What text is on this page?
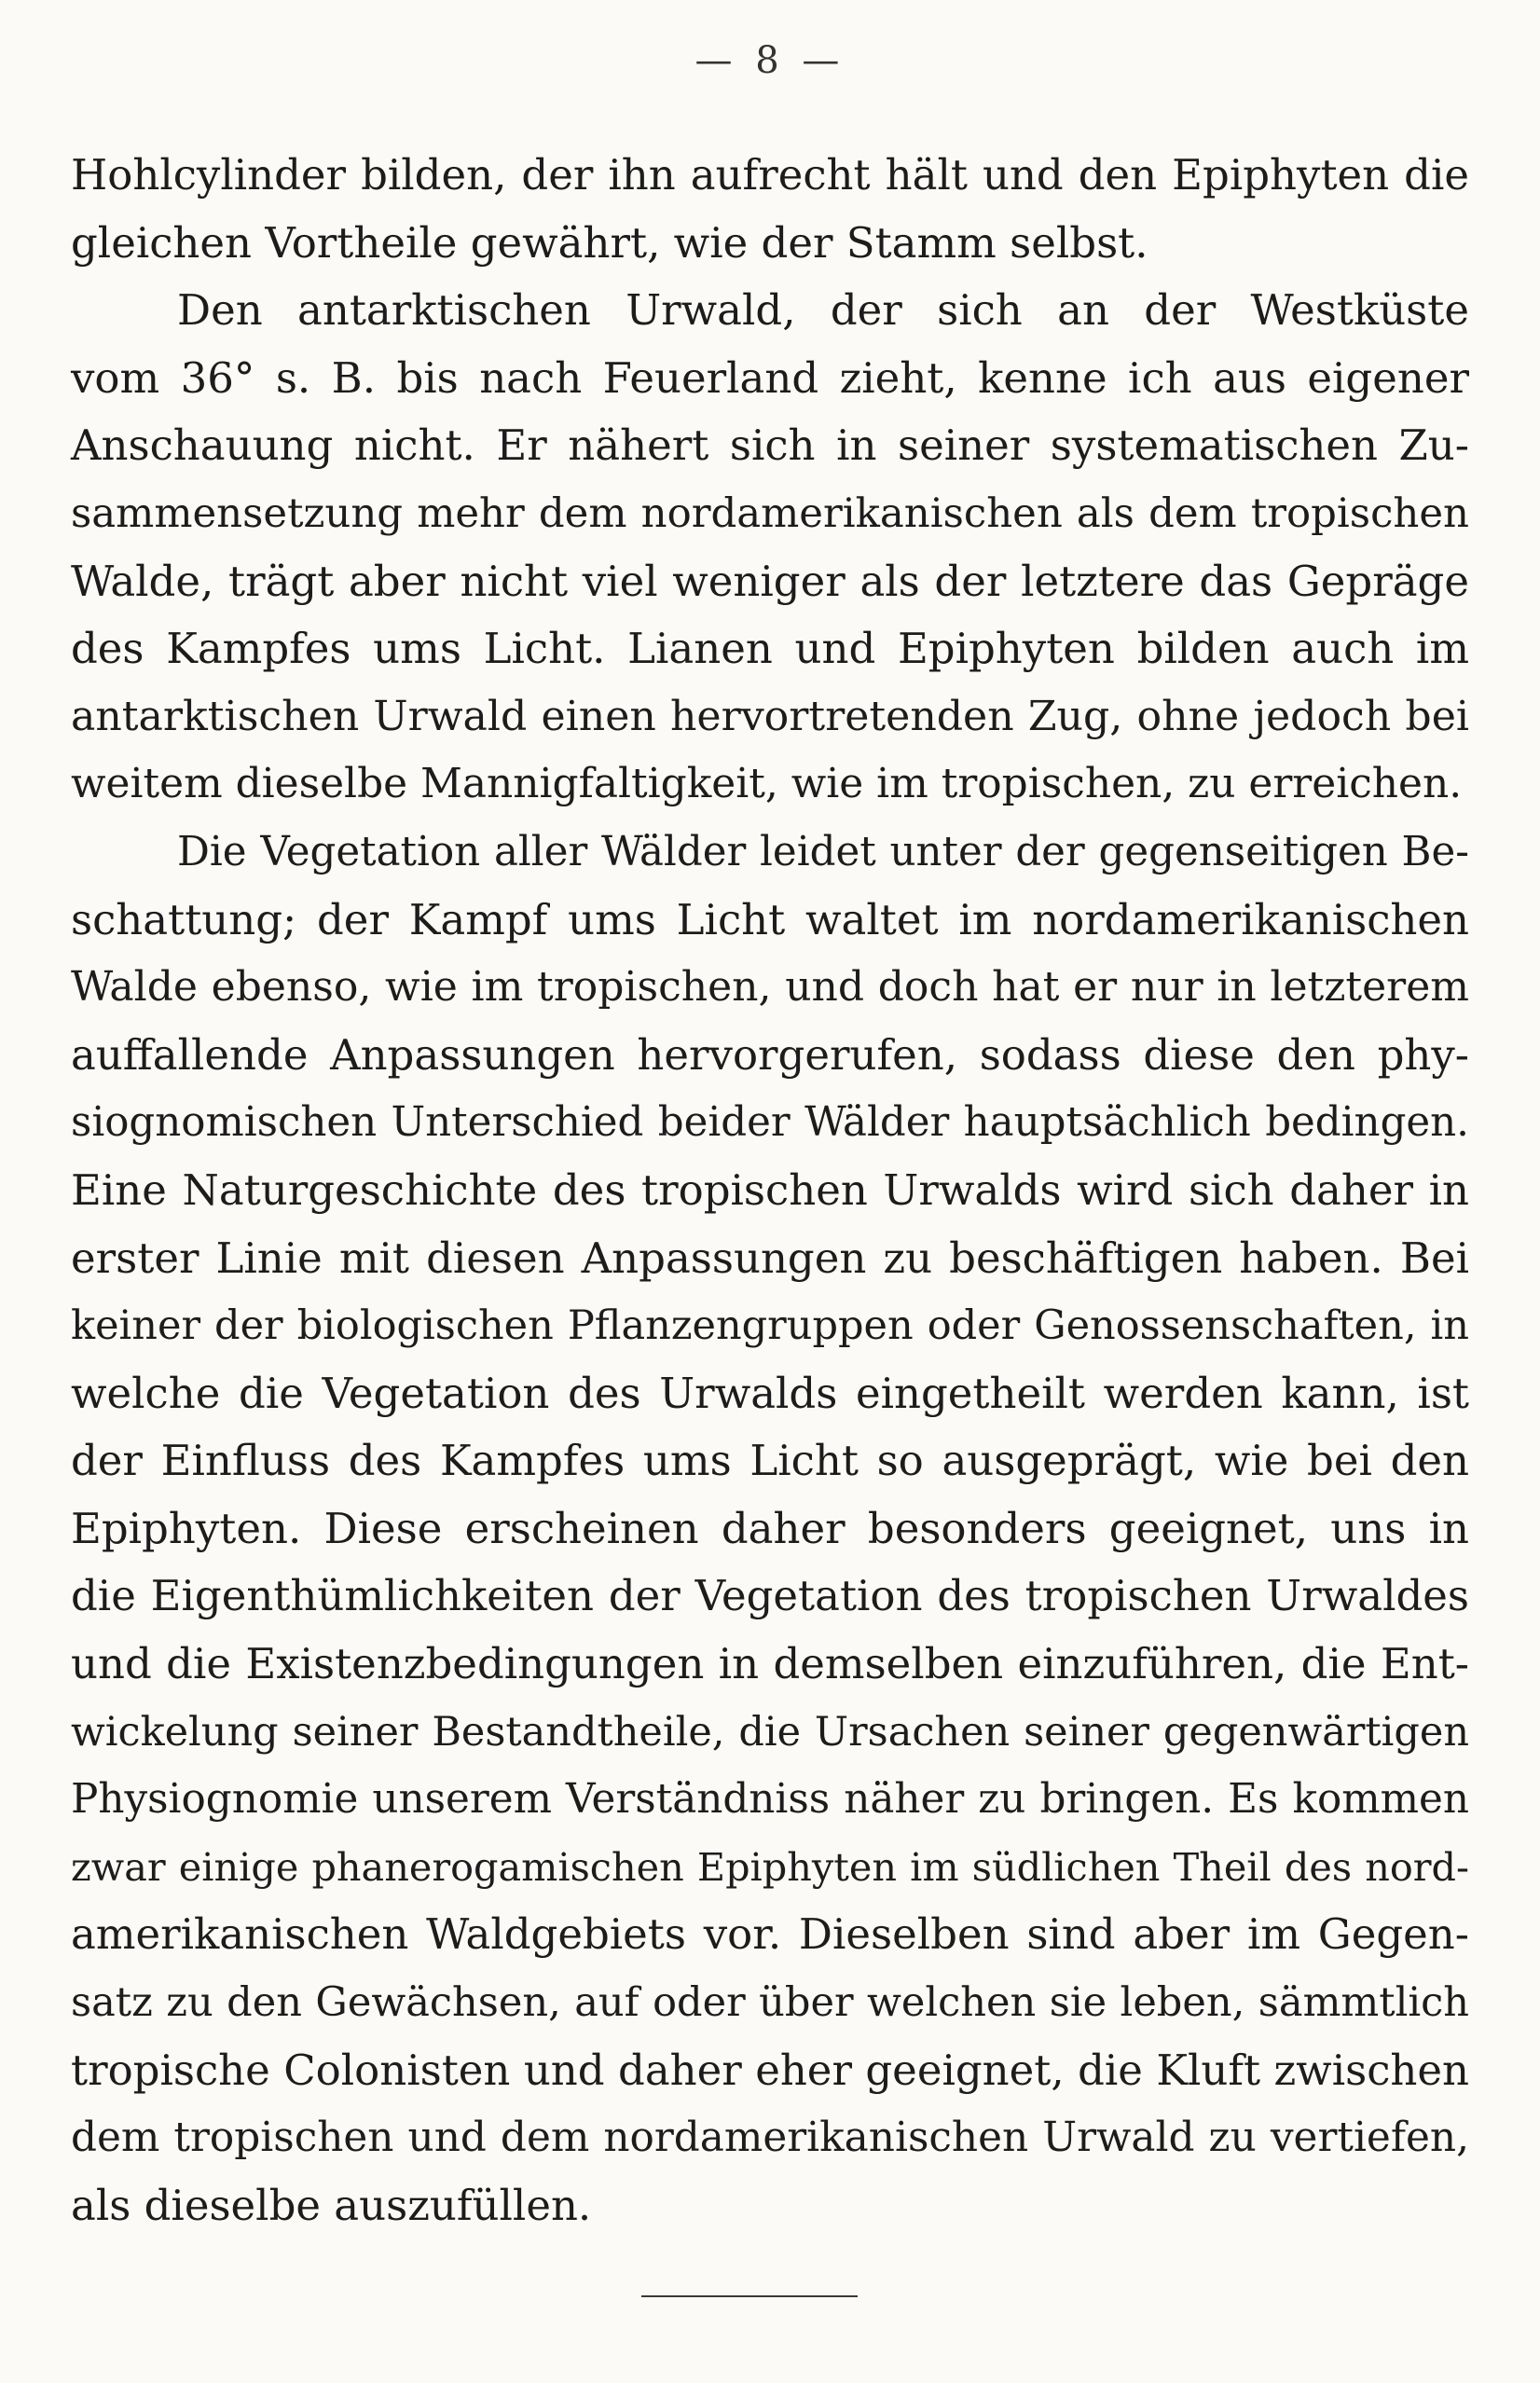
— 8 —
Hohlcylinder bilden, der ihn aufrecht hält und den Epiphyten die
gleichen Vortheile gewährt, wie der Stamm selbst.
Den antarktischen Urwald, der sich an der Westküste
vom 36° s. B. bis nach Feuerland zieht, kenne ich aus eigener
Anschauung nicht. Er nähert sich in seiner systematischen Zu-
sammensetzung mehr dem nordamerikanischen als dem tropischen
Walde, trägt aber nicht viel weniger als der letztere das Gepräge
des Kampfes ums Licht. Lianen und Epiphyten bilden auch im
antarktischen Urwald einen hervortretenden Zug, ohne jedoch bei
weitem dieselbe Mannigfaltigkeit, wie im tropischen, zu erreichen.
Die Vegetation aller Wälder leidet unter der gegenseitigen Be-
schattung; der Kampf ums Licht waltet im nordamerikanischen
Walde ebenso, wie im tropischen, und doch hat er nur in letzterem
auffallende Anpassungen hervorgerufen, sodass diese den phy-
siognomischen Unterschied beider Wälder hauptsächlich bedingen.
Eine Naturgeschichte des tropischen Urwalds wird sich daher in
erster Linie mit diesen Anpassungen zu beschäftigen haben. Bei
keiner der biologischen Pflanzengruppen oder Genossenschaften, in
welche die Vegetation des Urwalds eingetheilt werden kann, ist
der Einfluss des Kampfes ums Licht so ausgeprägt, wie bei den
Epiphyten. Diese erscheinen daher besonders geeignet, uns in
die Eigenthümlichkeiten der Vegetation des tropischen Urwaldes
und die Existenzbedingungen in demselben einzuführen, die Ent-
wickelung seiner Bestandtheile, die Ursachen seiner gegenwärtigen
Physiognomie unserem Verständniss näher zu bringen. Es kommen
zwar einige phanerogamischen Epiphyten im südlichen Theil des nord-
amerikanischen Waldgebiets vor. Dieselben sind aber im Gegen-
satz zu den Gewächsen, auf oder über welchen sie leben, sämmtlich
tropische Colonisten und daher eher geeignet, die Kluft zwischen
dem tropischen und dem nordamerikanischen Urwald zu vertiefen,
als dieselbe auszufüllen.
